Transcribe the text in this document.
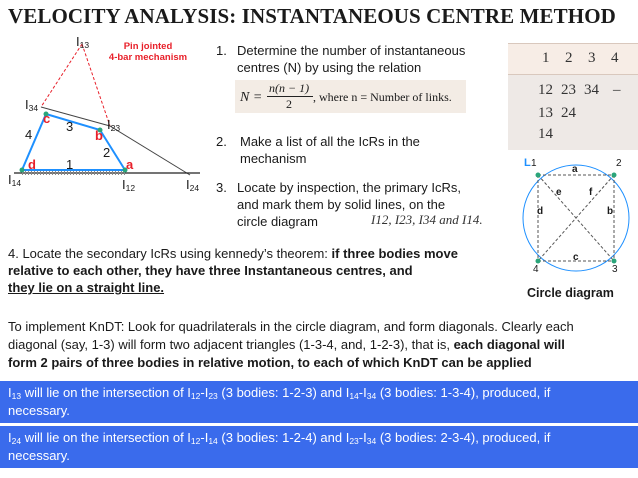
VELOCITY ANALYSIS: INSTANTANEOUS CENTRE METHOD
Pin jointed
4-bar mechanism
$I_{13}$
$I_{34}$
$I_{23}$
$I_{14}$	$I_{12}$	$I_{24}$
c
b
d	a
3
4
2
1
1. Determine the number of instantaneous
centres (N) by using the relation
N =
n(n − 1)
2 , where n = Number of links.
2. Make a list of all the IcRs in the
mechanism
3. Locate by inspection, the primary IcRs,
and mark them by solid lines, on the
circle diagram	I12, I23, I34 and I14.
1 2 3 4
12 23 34 –
13 24
14
L 1	2
3
4
a
b
c
d
e	f
Circle diagram
4. Locate the secondary IcRs using kennedy’s theorem: if three bodies move
relative to each other, they have three Instantaneous centres, and
they lie on a straight line.
To implement KnDT: Look for quadrilaterals in the circle diagram, and form diagonals. Clearly each
diagonal (say, 1-3) will form two adjacent triangles (1-3-4, and, 1-2-3), that is, each diagonal will
form 2 pairs of three bodies in relative motion, to each of which KnDT can be applied
$I_{13}$ will lie on the intersection of $I_{12}-I_{23}$ (3 bodies: 1-2-3) and $I_{14}-I_{34}$ (3 bodies: 1-3-4), produced, if
necessary.
$I_{24}$ will lie on the intersection of $I_{12}-I_{14}$ (3 bodies: 1-2-4) and $I_{23}-I_{34}$ (3 bodies: 2-3-4), produced, if
necessary.
